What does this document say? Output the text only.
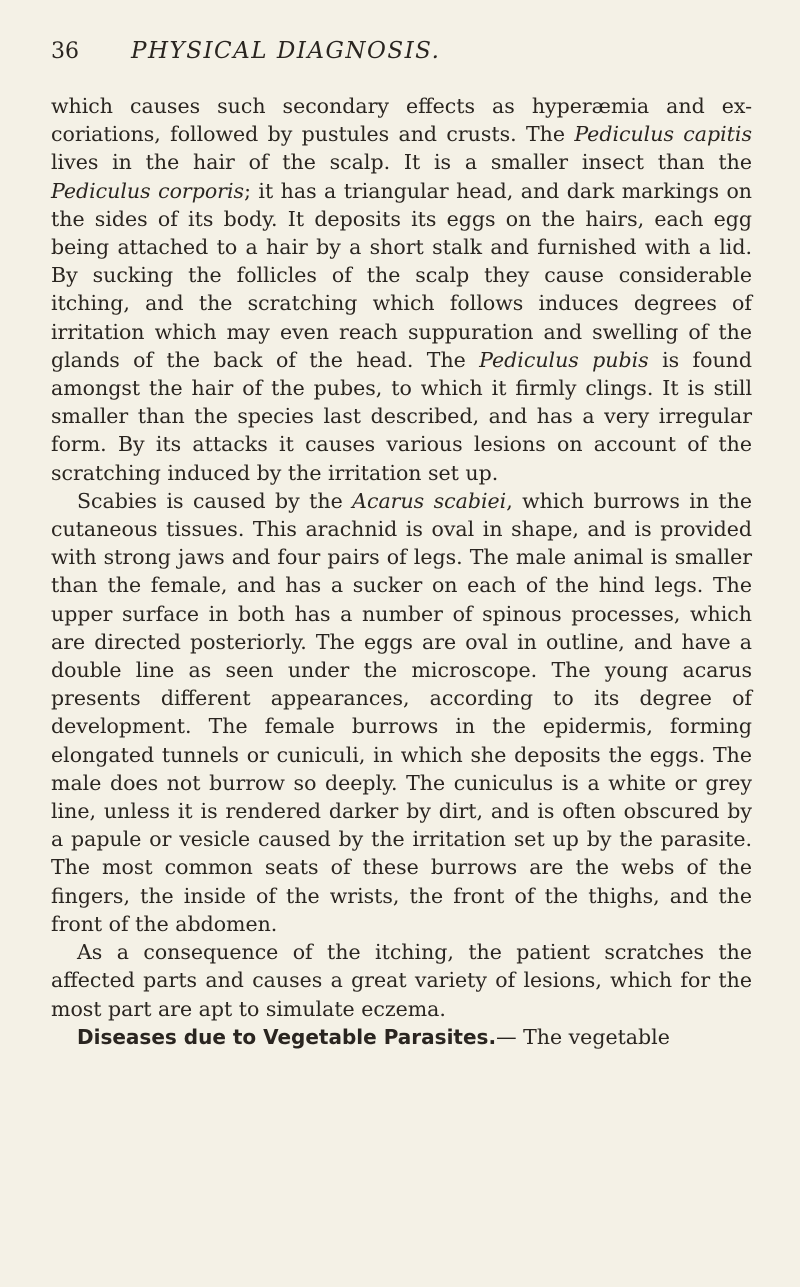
36 PHYSICAL DIAGNOSIS.

which causes such secondary effects as hyperæmia and ex- coriations, followed by pustules and crusts. The Pediculus capitis lives in the hair of the scalp. It is a smaller insect than the Pediculus corporis; it has a triangular head, and dark markings on the sides of its body. It deposits its eggs on the hairs, each egg being attached to a hair by a short stalk and furnished with a lid. By sucking the follicles of the scalp they cause considerable itching, and the scratching which follows induces degrees of irritation which may even reach suppuration and swelling of the glands of the back of the head. The Pediculus pubis is found amongst the hair of the pubes, to which it firmly clings. It is still smaller than the species last described, and has a very irregular form. By its attacks it causes various lesions on account of the scratching induced by the irritation set up.

Scabies is caused by the Acarus scabiei, which burrows in the cutaneous tissues. This arachnid is oval in shape, and is provided with strong jaws and four pairs of legs. The male animal is smaller than the female, and has a sucker on each of the hind legs. The upper surface in both has a number of spinous processes, which are directed posteriorly. The eggs are oval in outline, and have a double line as seen under the microscope. The young acarus presents different appearances, according to its degree of development. The female burrows in the epidermis, forming elongated tunnels or cuniculi, in which she deposits the eggs. The male does not burrow so deeply. The cuniculus is a white or grey line, unless it is rendered darker by dirt, and is often obscured by a papule or vesicle caused by the irritation set up by the parasite. The most common seats of these burrows are the webs of the fingers, the inside of the wrists, the front of the thighs, and the front of the abdomen.

As a consequence of the itching, the patient scratches the affected parts and causes a great variety of lesions, which for the most part are apt to simulate eczema.

Diseases due to Vegetable Parasites.— The vegetable
